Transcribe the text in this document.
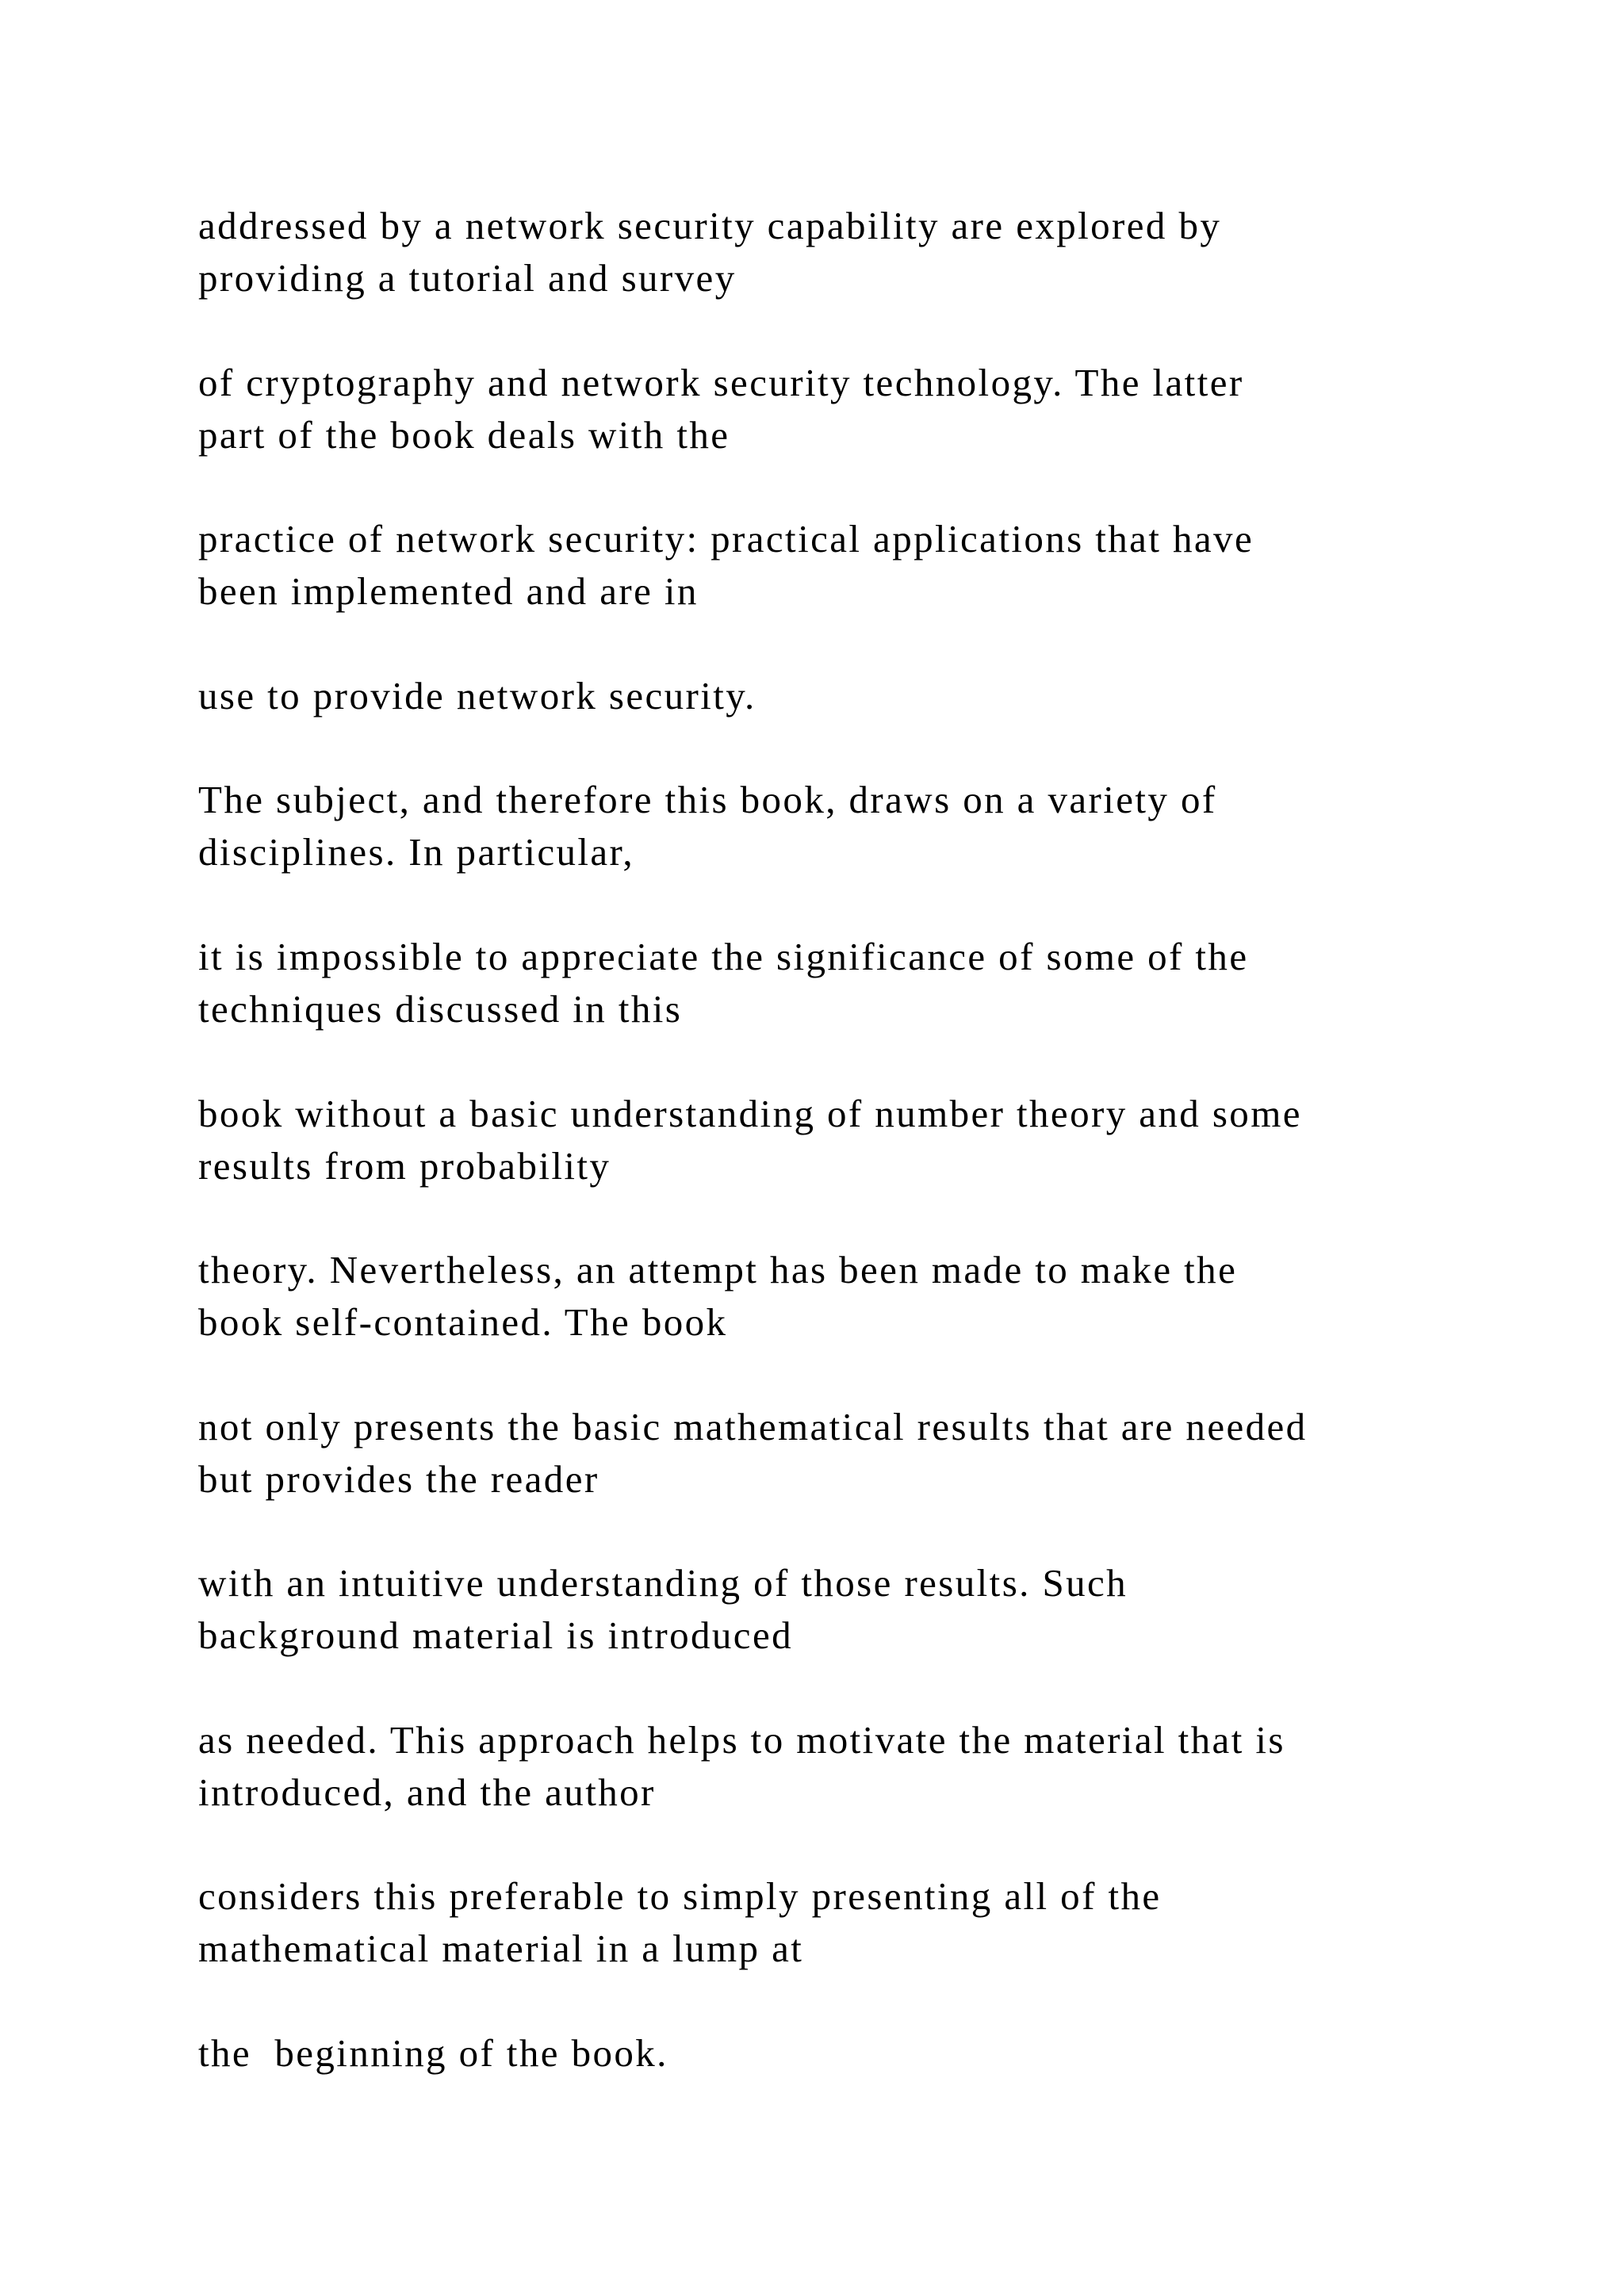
addressed by a network security capability are explored by

providing a tutorial and survey

of cryptography and network security technology. The latter

part of the book deals with the

practice of network security: practical applications that have

been implemented and are in

use to provide network security.

The subject, and therefore this book, draws on a variety of

disciplines. In particular,

it is impossible to appreciate the significance of some of the

techniques discussed in this

book without a basic understanding of number theory and some

results from probability

theory. Nevertheless, an attempt has been made to make the

book self-contained. The book

not only presents the basic mathematical results that are needed

but provides the reader

with an intuitive understanding of those results. Such

background material is introduced

as needed. This approach helps to motivate the material that is

introduced, and the author

considers this preferable to simply presenting all of the

mathematical material in a lump at

the  beginning of the book.
